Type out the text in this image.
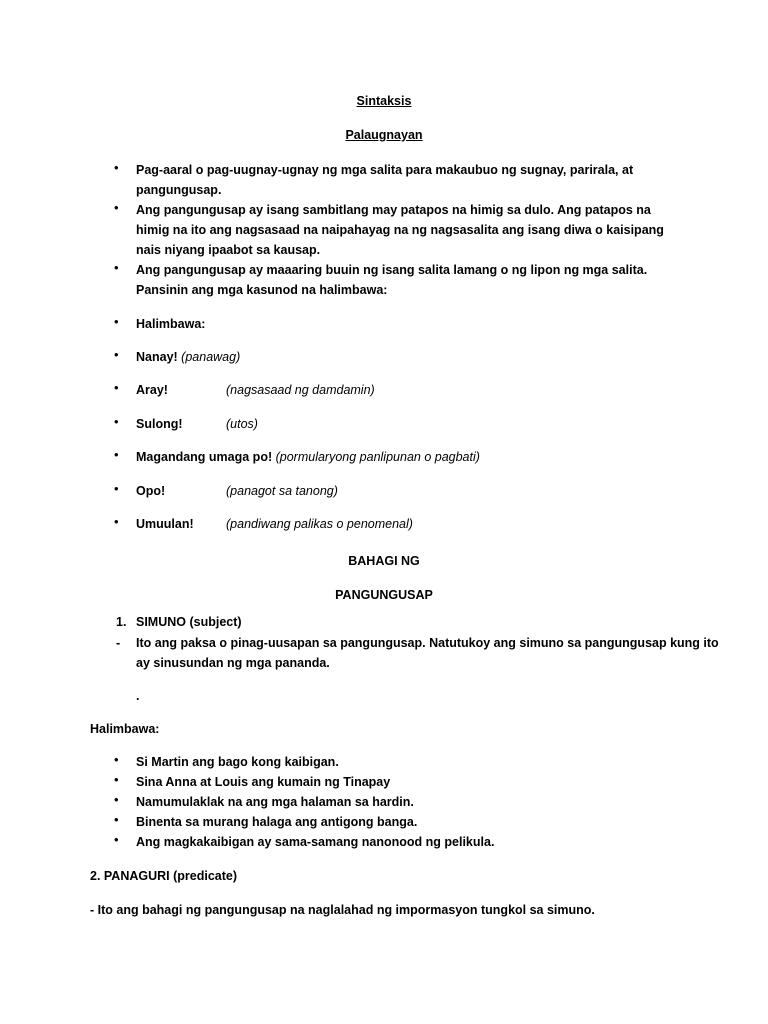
Sintaksis
Palaugnayan
Pag-aaral o pag-uugnay-ugnay ng mga salita para makaubuo ng sugnay, parirala, at pangungusap.
Ang pangungusap ay isang sambitlang may patapos na himig sa dulo. Ang patapos na himig na ito ang nagsasaad na naipahayag na ng nagsasalita ang isang diwa o kaisipang nais niyang ipaabot sa kausap.
Ang pangungusap ay maaaring buuin ng isang salita lamang o ng lipon ng mga salita. Pansinin ang mga kasunod na halimbawa:
Halimbawa:
Nanay! (panawag)
Aray!	(nagsasaad ng damdamin)
Sulong!	(utos)
Magandang umaga po! (pormularyong panlipunan o pagbati)
Opo!	(panagot sa tanong)
Umuulan!	(pandiwang palikas o penomenal)
BAHAGI NG
PANGUNGUSAP
1. SIMUNO (subject)
- Ito ang paksa o pinag-uusapan sa pangungusap. Natutukoy ang simuno sa pangungusap kung ito
ay sinusundan ng mga pananda.
.
Halimbawa:
Si Martin ang bago kong kaibigan.
Sina Anna at Louis ang kumain ng Tinapay
Namumulaklak na ang mga halaman sa hardin.
Binenta sa murang halaga ang antigong banga.
Ang magkakaibigan ay sama-samang nanonood ng pelikula.
2. PANAGURI (predicate)
- Ito ang bahagi ng pangungusap na naglalahad ng impormasyon tungkol sa simuno.
